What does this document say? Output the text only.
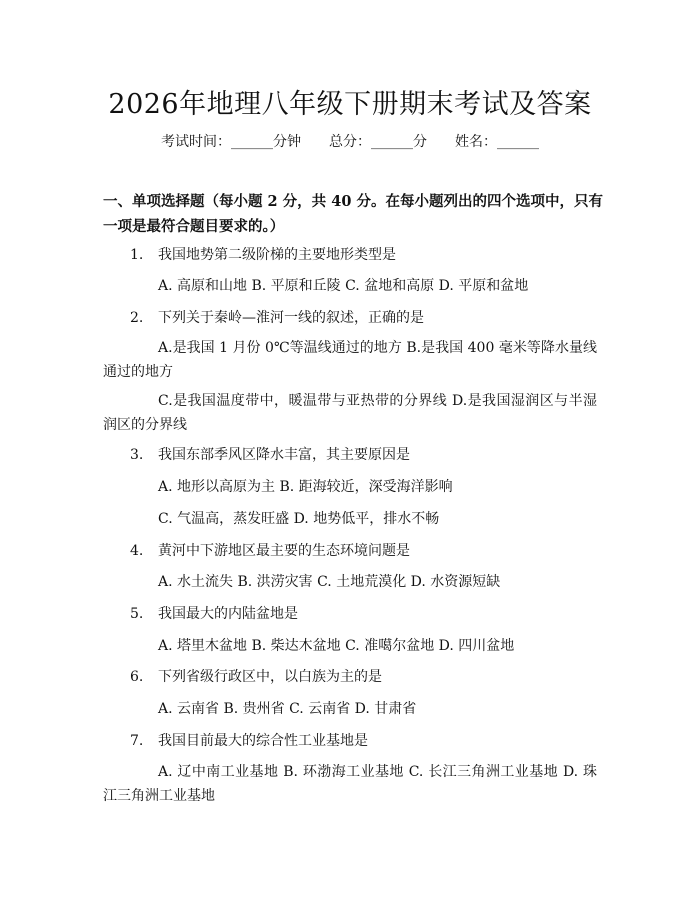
2026年地理八年级下册期末考试及答案
考试时间：______分钟 总分：______分 姓名：______
一、单项选择题（每小题 2 分，共 40 分。在每小题列出的四个选项中，只有一项是最符合题目要求的。）
1. 我国地势第二级阶梯的主要地形类型是
A. 高原和山地 B. 平原和丘陵 C. 盆地和高原 D. 平原和盆地
2. 下列关于秦岭—淮河一线的叙述，正确的是
A.是我国 1 月份 0℃等温线通过的地方 B.是我国 400 毫米等降水量线通过的地方
C.是我国温度带中，暖温带与亚热带的分界线 D.是我国湿润区与半湿润区的分界线
3. 我国东部季风区降水丰富，其主要原因是
A. 地形以高原为主 B. 距海较近，深受海洋影响
C. 气温高，蒸发旺盛 D. 地势低平，排水不畅
4. 黄河中下游地区最主要的生态环境问题是
A. 水土流失 B. 洪涝灾害 C. 土地荒漠化 D. 水资源短缺
5. 我国最大的内陆盆地是
A. 塔里木盆地 B. 柴达木盆地 C. 准噶尔盆地 D. 四川盆地
6. 下列省级行政区中，以白族为主的是
A. 云南省 B. 贵州省 C. 云南省 D. 甘肃省
7. 我国目前最大的综合性工业基地是
A. 辽中南工业基地 B. 环渤海工业基地 C. 长江三角洲工业基地 D. 珠江三角洲工业基地
